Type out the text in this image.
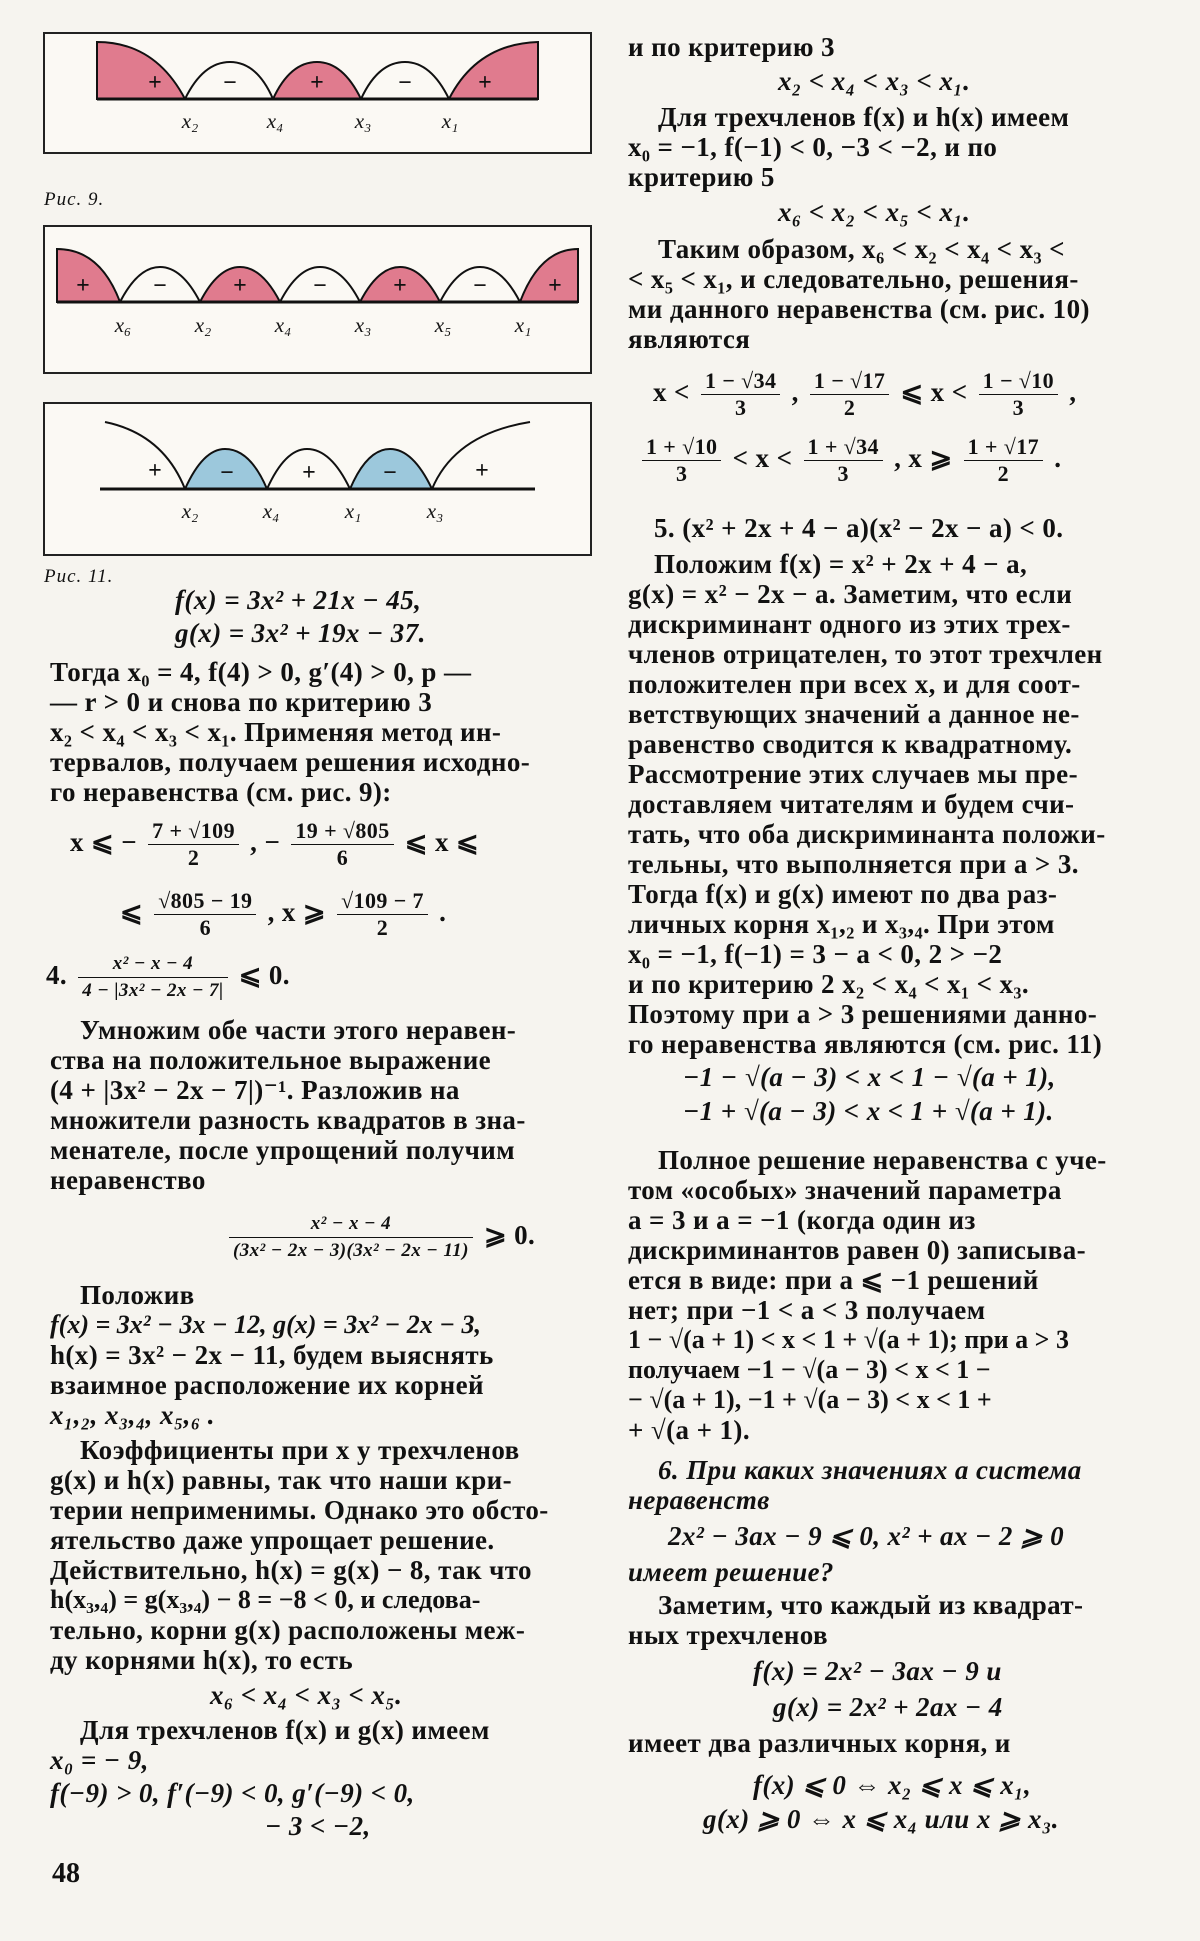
+	−	+	−	+
x₂	x₄	x₃	x₁
Рис. 9.
+	−	+	−	+	−	+
x₆	x₂	x₄	x₃	x₅	x₁
+ −	+	−	+
x₂	x₄	x₁	x₃
Рис. 11.
f(x) = 3x² + 21x − 45,
g(x) = 3x² + 19x − 37.
Тогда x₀ = 4, f(4) > 0, g′(4) > 0, p —
— r > 0 и снова по критерию 3
x₂ < x₄ < x₃ < x₁. Применяя метод ин-
тервалов, получаем решения исходно-
го неравенства (см. рис. 9):
x ⩽ − $\frac{7 + √109}{2}$ , − $\frac{19 + √805}{6}$ ⩽ x ⩽
⩽ $\frac{√805 - 19}{6}$ , x ⩾ $\frac{√109 - 7}{2}$ .
4. $\frac{\text{x² − x − 4}}{\text{4 − |3x² − 2x − 7|}}$ ⩽ 0.
Умножим обе части этого нерaвен-
ства на положительное выражение
(4 + |3x² − 2x − 7|)⁻¹. Разложив на
множители разность квадратов в зна-
менателе, после упрощений получим
неравенство
$\frac{\text{x² − x − 4}}{\text{(3x² − 2x − 3)(3x² − 2x − 11)}}$ ⩾ 0.
Положив
f(x) = 3x² − 3x − 12, g(x) = 3x² − 2x − 3,
h(x) = 3x² − 2x − 11, будем выяснять
взаимное расположение их корней
x₁,₂, x₃,₄, x₅,₆ .
Коэффициенты при x y трехчленов
g(x) и h(x) равны, так что наши кри-
терии неприменимы. Однако это обсто-
ятельство даже упрощает решение.
Действительно, h(x) = g(x) − 8, так что
h(x₃,₄) = g(x₃,₄) − 8 = −8 < 0, и следова-
тельно, корни g(x) расположены меж-
ду корнями h(x), то есть
x₆ < x₄ < x₃ < x₅.
Для трехчленов f(x) и g(x) имеем
x₀ = − 9,
f(−9) > 0, f′(−9) < 0, g′(−9) < 0,
− 3 < −2,
и по критерию 3
x₂ < x₄ < x₃ < x₁.
Для трехчленов f(x) и h(x) имеем
x₀ = −1, f(−1) < 0, −3 < −2, и по
критерию 5
x₆ < x₂ < x₅ < x₁.
Таким образом, x₆ < x₂ < x₄ < x₃ <
< x₅ < x₁, и следовательно, решения-
ми данного неравенства (см. рис. 10)
являются
$x < \frac{1 - √34}{3}$ , $\frac{1 - √17}{2}$ ⩽ $x < \frac{1 - √10}{3}$ ,
$\frac{1 + √10}{3} < x < \frac{1 + √34}{3}$ , x ⩾ $\frac{1 + √17}{2}$ .
5. (x² + 2x + 4 − a)(x² − 2x − a) < 0.
Положим f(x) = x² + 2x + 4 − a,
g(x) = x² − 2x − a. Заметим, что если
дискриминант одного из этих трех-
членов отрицателен, то этот трехчлен
положителен при всех x, и для соот-
ветствующих значений a данное не-
равенство сводится к квадратному.
Рассмотрение этих случаев мы пре-
доставляем читателям и будем счи-
тать, что оба дискриминанта положи-
тельны, что выполняется при a > 3.
Тогда f(x) и g(x) имеют по два раз-
личных корня x₁,₂ и x₃,₄. При этом
x₀ = −1, f(−1) = 3 − a < 0, 2 > −2
и по критерию 2 x₂ < x₄ < x₁ < x₃.
Поэтому при a > 3 решениями данно-
го неравенства являются (см. рис. 11)
−1 − √(a − 3) < x < 1 − √(a + 1),
−1 + √(a − 3) < x < 1 + √(a + 1).
Полное решение неравенства с уче-
том «особых» значений параметра
a = 3 и a = −1 (когда один из
дискриминантов равен 0) записыва-
ется в виде: при a ⩽ −1 решений
нет; при −1 < a < 3 получаем
1 − √(a + 1) < x < 1 + √(a + 1); при a > 3
получаем −1 − √(a − 3) < x < 1 −
− √(a + 1), −1 + √(a − 3) < x < 1 +
+ √(a + 1).
6. При каких значениях a система
неравенств
2x² − 3ax − 9 ⩽ 0, x² + ax − 2 ⩾ 0
имеет решение?
Заметим, что каждый из квадрат-
ных трехчленов
f(x) = 2x² − 3ax − 9 и
g(x) = 2x² + 2ax − 4
имеет два различных корня, и
f(x) ⩽ 0 ⇔ x₂ ⩽ x ⩽ x₁,
g(x) ⩾ 0 ⇔ x ⩽ x₄ или x ⩾ x₃.
48
